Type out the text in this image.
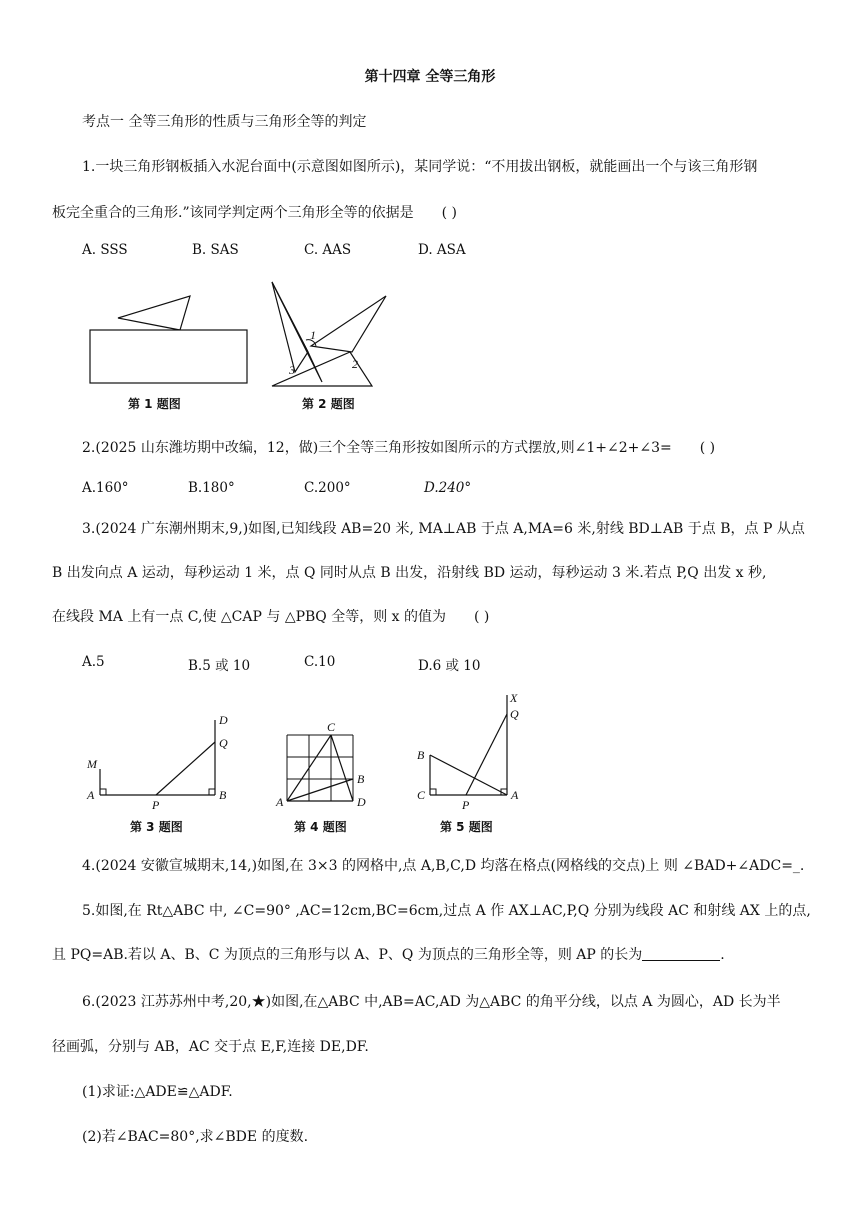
第十四章 全等三角形
考点一 全等三角形的性质与三角形全等的判定
1.一块三角形钢板插入水泥台面中(示意图如图所示)，某同学说：“不用拔出钢板，就能画出一个与该三角形钢
板完全重合的三角形.”该同学判定两个三角形全等的依据是 ( )
A. SSS	B. SAS	C. AAS	D. ASA
第 1 题图
1
2
3
第 2 题图
2.(2025 山东潍坊期中改编，12，做)三个全等三角形按如图所示的方式摆放,则∠1+∠2+∠3= ( )
A.160°	B.180°	C.200°	D.240°
3.(2024 广东潮州期末,9,)如图,已知线段 AB=20 米, MA⊥AB 于点 A,MA=6 米,射线 BD⊥AB 于点 B，点 P 从点
B 出发向点 A 运动，每秒运动 1 米，点 Q 同时从点 B 出发，沿射线 BD 运动，每秒运动 3 米.若点 P,Q 出发 x 秒,
在线段 MA 上有一点 C,使 △CAP 与 △PBQ 全等，则 x 的值为 ( )
A.5	B.5 或 10	C.10	D.6 或 10
D
Q
M
A
P
B
第 3 题图
C
B
A	D
第 4 题图
X
Q
B
C
P
A
第 5 题图
4.(2024 安徽宣城期末,14,)如图,在 3×3 的网格中,点 A,B,C,D 均落在格点(网格线的交点)上 则 ∠BAD+∠ADC=_.
5.如图,在 Rt△ABC 中, ∠C=90° ,AC=12cm,BC=6cm,过点 A 作 AX⊥AC,P,Q 分别为线段 AC 和射线 AX 上的点,
且 PQ=AB.若以 A、B、C 为顶点的三角形与以 A、P、Q 为顶点的三角形全等，则 AP 的长为	.
6.(2023 江苏苏州中考,20,★)如图,在△ABC 中,AB=AC,AD 为△ABC 的角平分线，以点 A 为圆心，AD 长为半
径画弧，分别与 AB，AC 交于点 E,F,连接 DE,DF.
(1)求证:△ADE≌△ADF.
(2)若∠BAC=80°,求∠BDE 的度数.
